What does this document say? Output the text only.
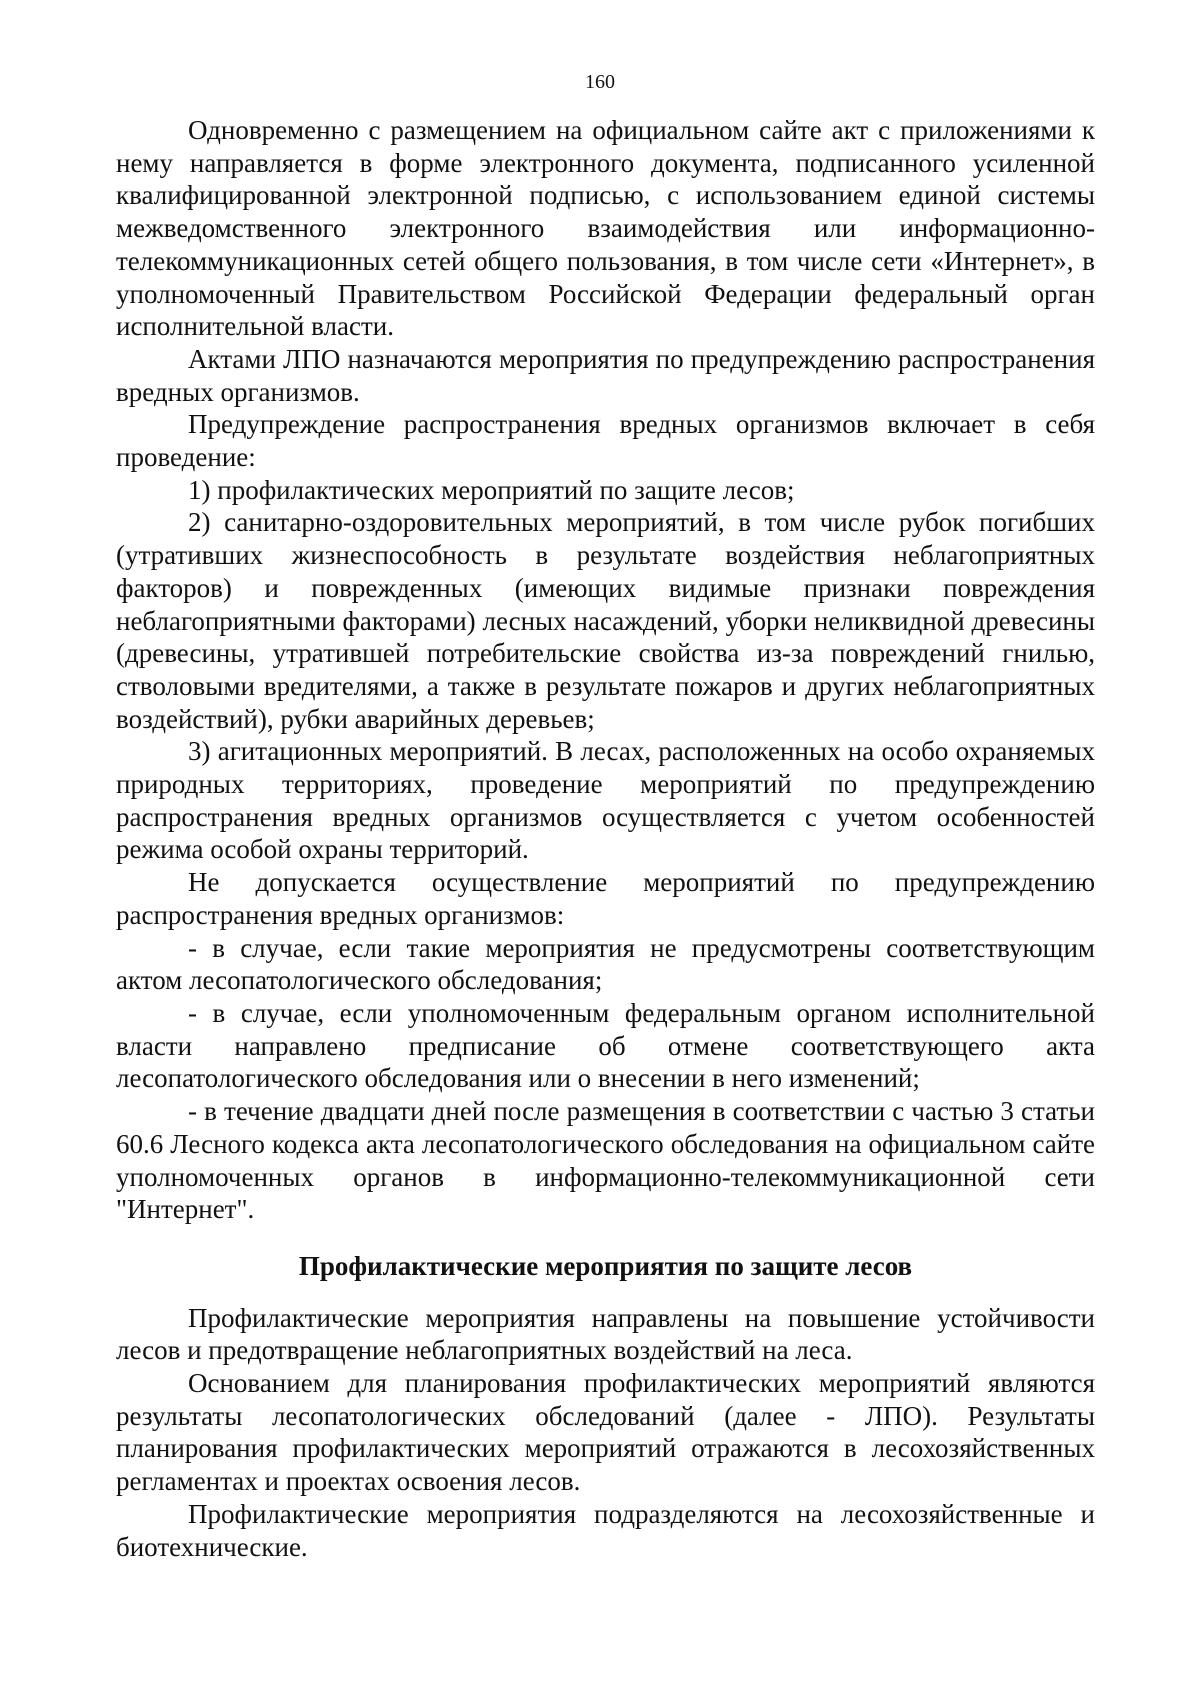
160

Одновременно с размещением на официальном сайте акт с приложениями к нему направляется в форме электронного документа, подписанного усиленной квалифицированной электронной подписью, с использованием единой системы межведомственного электронного взаимодействия или информационно-телекоммуникационных сетей общего пользования, в том числе сети «Интернет», в уполномоченный Правительством Российской Федерации федеральный орган исполнительной власти.

Актами ЛПО назначаются мероприятия по предупреждению распространения вредных организмов.

Предупреждение распространения вредных организмов включает в себя проведение:

1) профилактических мероприятий по защите лесов;

2) санитарно-оздоровительных мероприятий, в том числе рубок погибших (утративших жизнеспособность в результате воздействия неблагоприятных факторов) и поврежденных (имеющих видимые признаки повреждения неблагоприятными факторами) лесных насаждений, уборки неликвидной древесины (древесины, утратившей потребительские свойства из-за повреждений гнилью, стволовыми вредителями, а также в результате пожаров и других неблагоприятных воздействий), рубки аварийных деревьев;

3) агитационных мероприятий. В лесах, расположенных на особо охраняемых природных территориях, проведение мероприятий по предупреждению распространения вредных организмов осуществляется с учетом особенностей режима особой охраны территорий.

Не допускается осуществление мероприятий по предупреждению распространения вредных организмов:

- в случае, если такие мероприятия не предусмотрены соответствующим актом лесопатологического обследования;

- в случае, если уполномоченным федеральным органом исполнительной власти направлено предписание об отмене соответствующего акта лесопатологического обследования или о внесении в него изменений;

- в течение двадцати дней после размещения в соответствии с частью 3 статьи 60.6 Лесного кодекса акта лесопатологического обследования на официальном сайте уполномоченных органов в информационно-телекоммуникационной сети "Интернет".

Профилактические мероприятия по защите лесов

Профилактические мероприятия направлены на повышение устойчивости лесов и предотвращение неблагоприятных воздействий на леса.

Основанием для планирования профилактических мероприятий являются результаты лесопатологических обследований (далее - ЛПО). Результаты планирования профилактических мероприятий отражаются в лесохозяйственных регламентах и проектах освоения лесов.

Профилактические мероприятия подразделяются на лесохозяйственные и биотехнические.
